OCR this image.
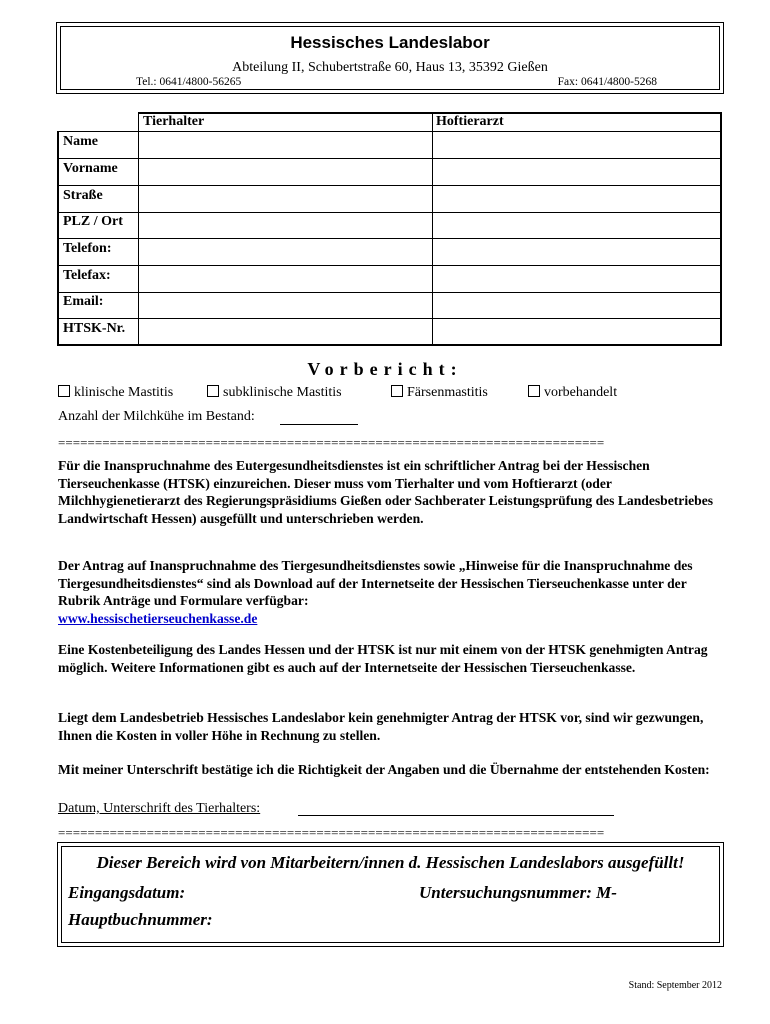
Hessisches Landeslabor
Abteilung II, Schubertstraße 60, Haus 13, 35392 Gießen
Tel.: 0641/4800-56265	Fax: 0641/4800-5268
Tierhalter	Hoftierarzt
Name
Vorname
Straße
PLZ / Ort
Telefon:
Telefax:
Email:
HTSK-Nr.
Vorbericht:
klinische Mastitis	subklinische Mastitis	Färsenmastitis	vorbehandelt
Anzahl der Milchkühe im Bestand:
==========================================================================
Für die Inanspruchnahme des Eutergesundheitsdienstes ist ein schriftlicher Antrag bei der Hessischen Tierseuchenkasse (HTSK) einzureichen. Dieser muss vom Tierhalter und vom Hoftierarzt (oder Milchhygienetierarzt des Regierungspräsidiums Gießen oder Sachberater Leistungsprüfung des Landesbetriebes Landwirtschaft Hessen) ausgefüllt und unterschrieben werden.
Der Antrag auf Inanspruchnahme des Tiergesundheitsdienstes sowie „Hinweise für die Inanspruchnahme des Tiergesundheitsdienstes“ sind als Download auf der Internetseite der Hessischen Tierseuchenkasse unter der Rubrik Anträge und Formulare verfügbar:
www.hessischetierseuchenkasse.de
Eine Kostenbeteiligung des Landes Hessen und der HTSK ist nur mit einem von der HTSK genehmigten Antrag möglich. Weitere Informationen gibt es auch auf der Internetseite der Hessischen Tierseuchenkasse.
Liegt dem Landesbetrieb Hessisches Landeslabor kein genehmigter Antrag der HTSK vor, sind wir gezwungen, Ihnen die Kosten in voller Höhe in Rechnung zu stellen.
Mit meiner Unterschrift bestätige ich die Richtigkeit der Angaben und die Übernahme der entstehenden Kosten:
Datum, Unterschrift des Tierhalters:
==========================================================================
Dieser Bereich wird von Mitarbeitern/innen d. Hessischen Landeslabors ausgefüllt!
Eingangsdatum:	Untersuchungsnummer: M-
Hauptbuchnummer:
Stand: September 2012
